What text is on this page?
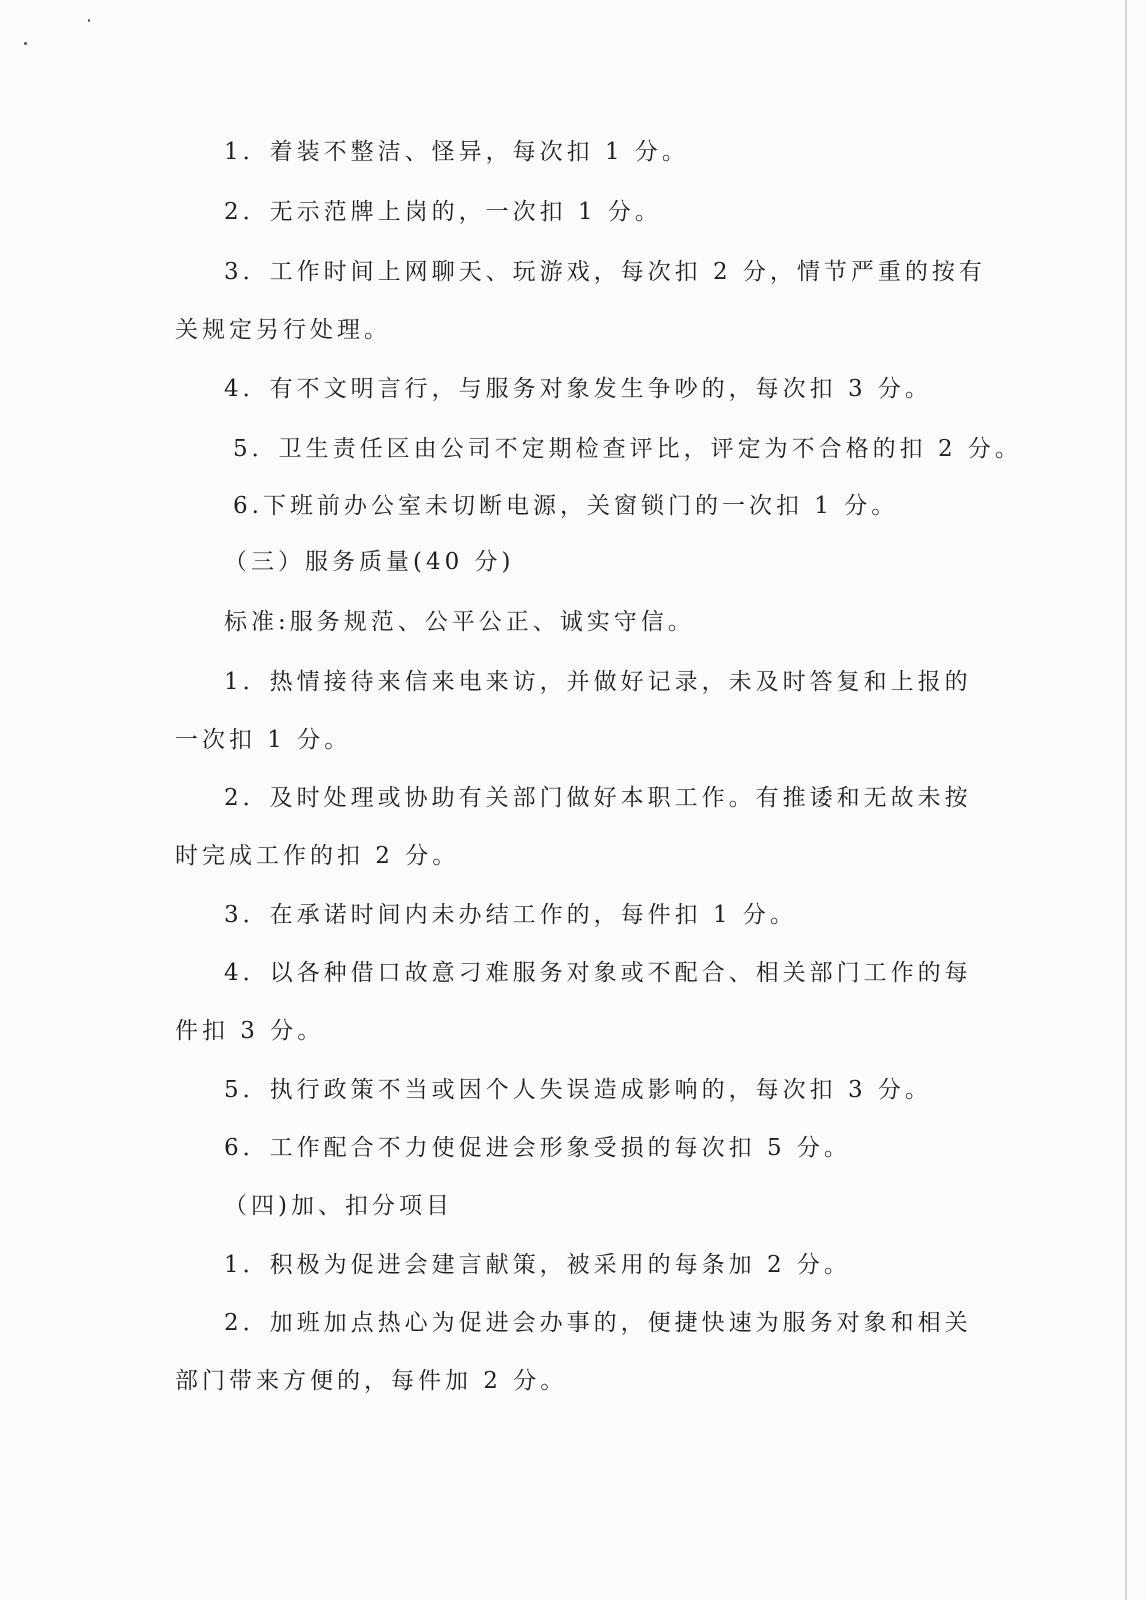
1．着装不整洁、怪异，每次扣 1 分。
2．无示范牌上岗的，一次扣 1 分。
3．工作时间上网聊天、玩游戏，每次扣 2 分，情节严重的按有
关规定另行处理。
4．有不文明言行，与服务对象发生争吵的，每次扣 3 分。
5．卫生责任区由公司不定期检查评比，评定为不合格的扣 2 分。
6.下班前办公室未切断电源，关窗锁门的一次扣 1 分。
（三）服务质量(40 分)
标准:服务规范、公平公正、诚实守信。
1．热情接待来信来电来访，并做好记录，未及时答复和上报的
一次扣 1 分。
2．及时处理或协助有关部门做好本职工作。有推诿和无故未按
时完成工作的扣 2 分。
3．在承诺时间内未办结工作的，每件扣 1 分。
4．以各种借口故意刁难服务对象或不配合、相关部门工作的每
件扣 3 分。
5．执行政策不当或因个人失误造成影响的，每次扣 3 分。
6．工作配合不力使促进会形象受损的每次扣 5 分。
（四)加、扣分项目
1．积极为促进会建言献策，被采用的每条加 2 分。
2．加班加点热心为促进会办事的，便捷快速为服务对象和相关
部门带来方便的，每件加 2 分。
